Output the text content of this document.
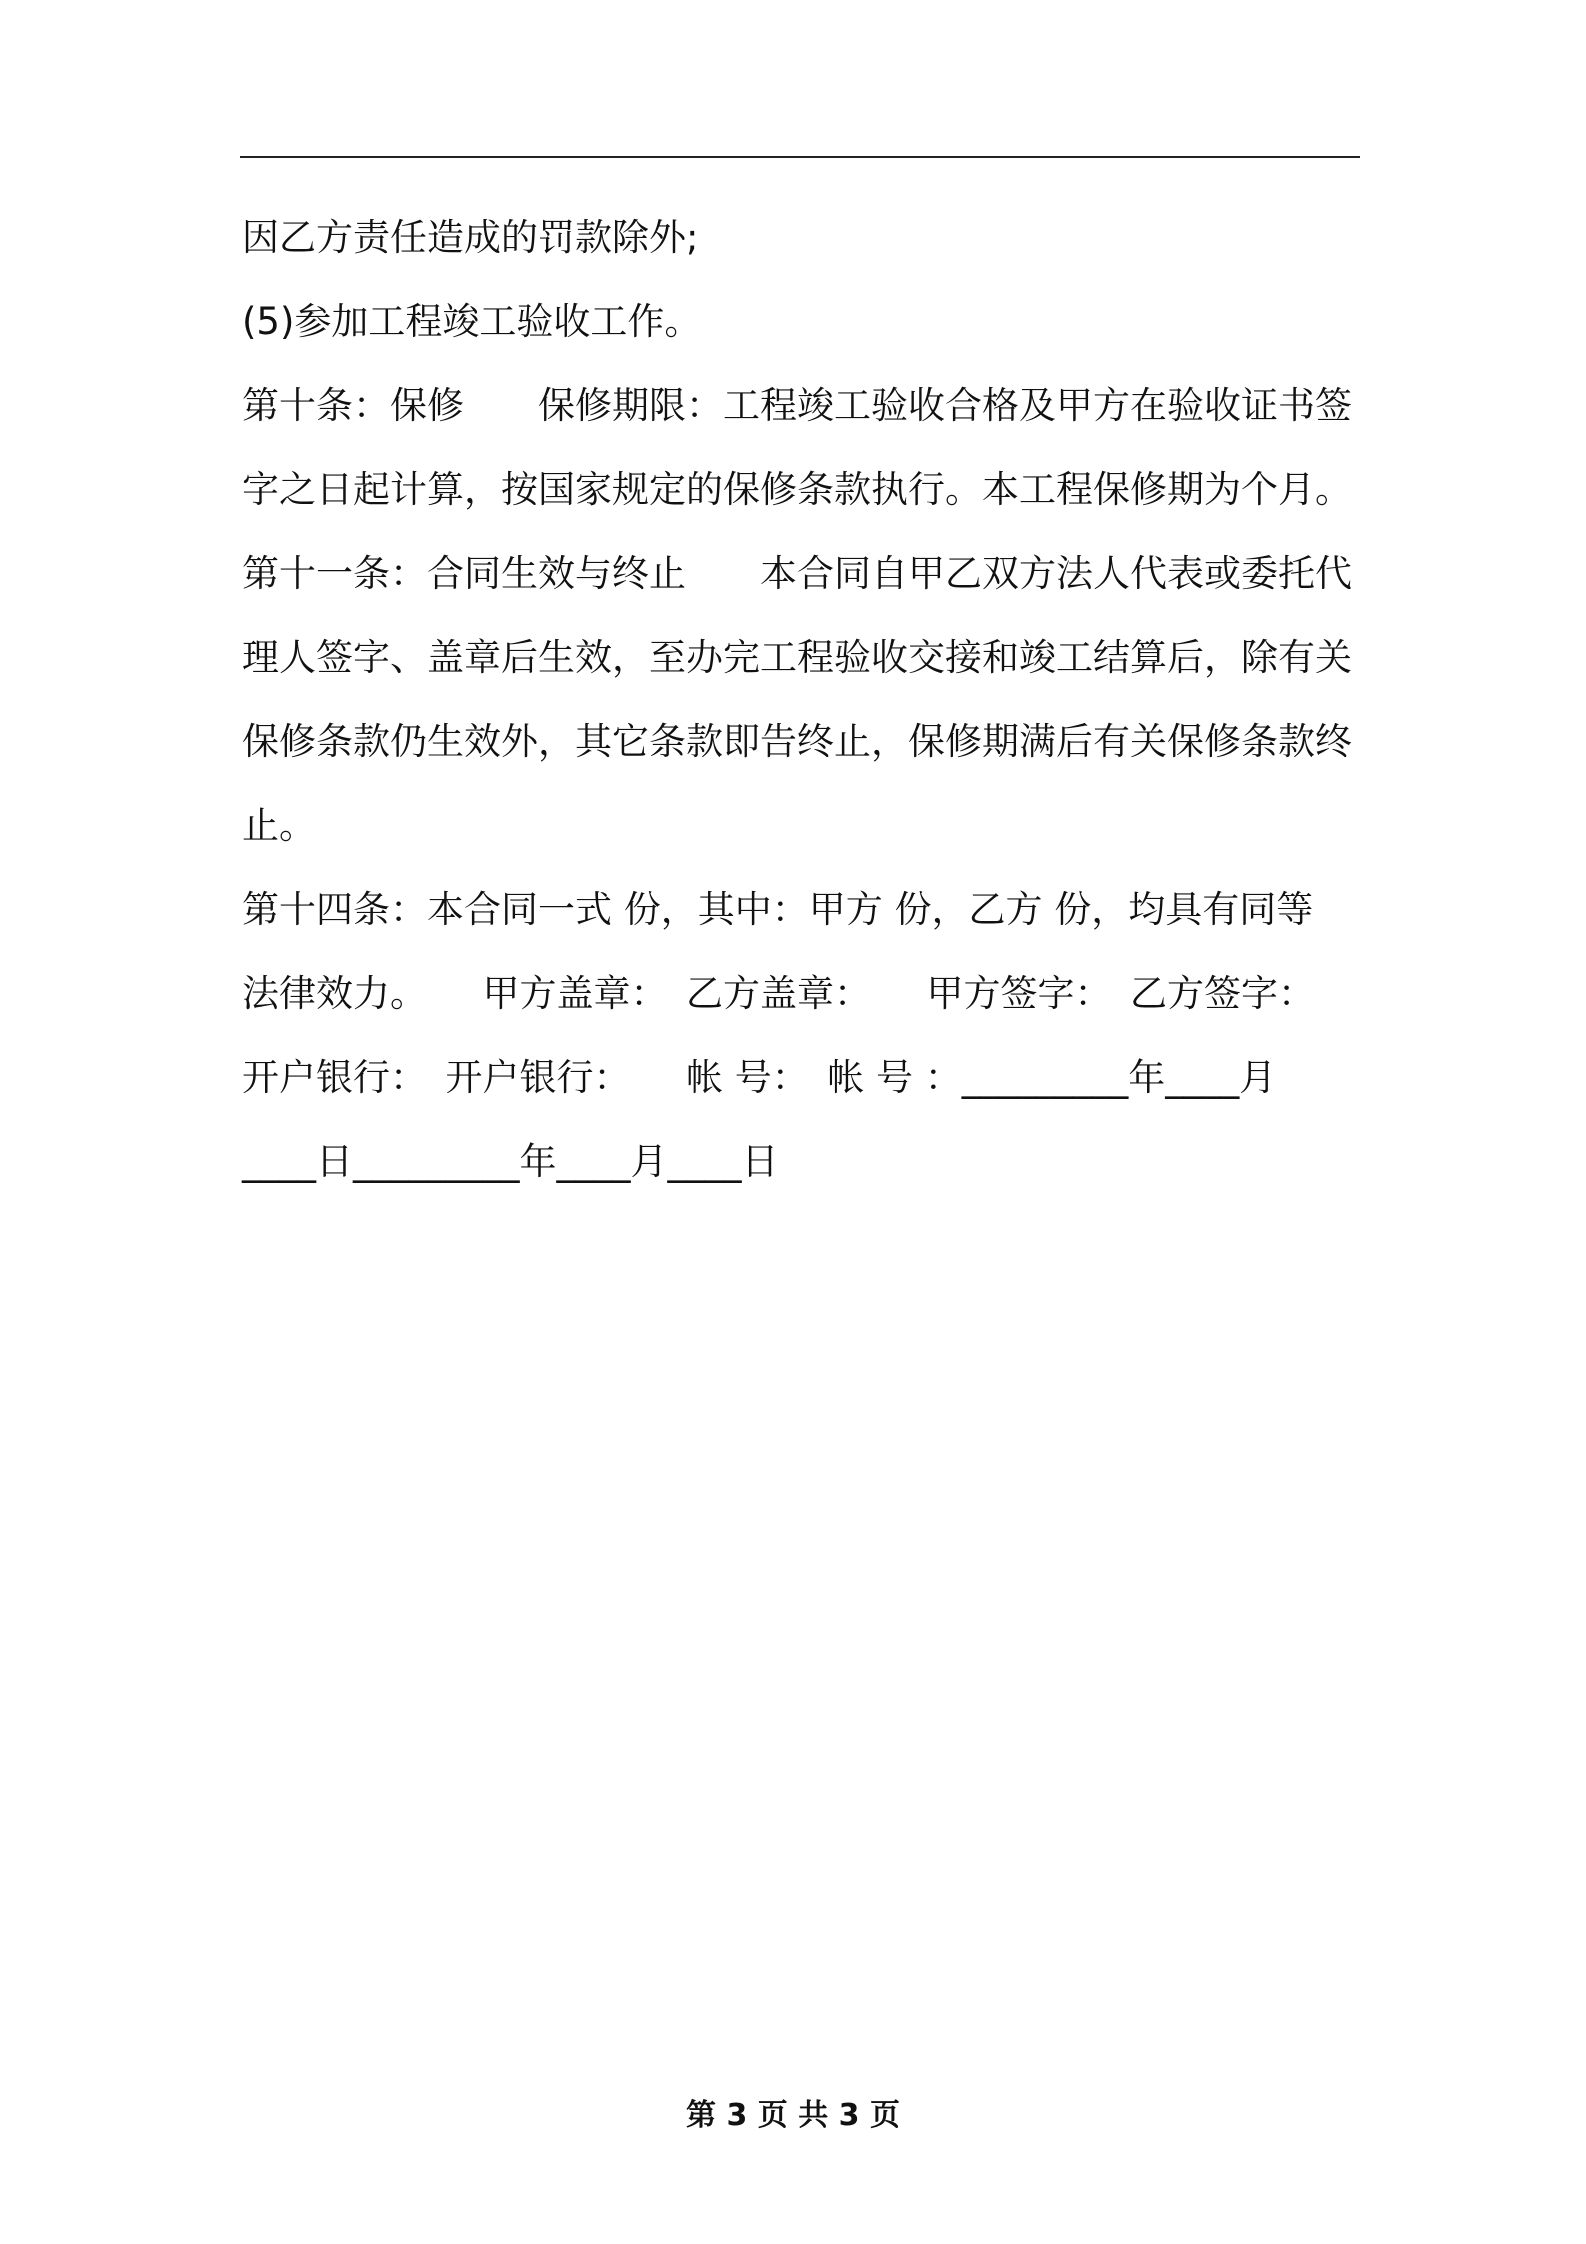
因乙方责任造成的罚款除外;
(5)参加工程竣工验收工作。
第十条：保修　　保修期限：工程竣工验收合格及甲方在验收证书签
字之日起计算，按国家规定的保修条款执行。本工程保修期为个月。
第十一条：合同生效与终止　　本合同自甲乙双方法人代表或委托代
理人签字、盖章后生效，至办完工程验收交接和竣工结算后，除有关
保修条款仍生效外，其它条款即告终止，保修期满后有关保修条款终
止。
第十四条：本合同一式 份，其中：甲方 份，乙方 份，均具有同等
法律效力。　　甲方盖章：　乙方盖章：　　甲方签字：　乙方签字：
开户银行：　开户银行：　　帐 号：　帐 号 ：_________年____月
____日_________年____月____日
第 3 页 共 3 页
